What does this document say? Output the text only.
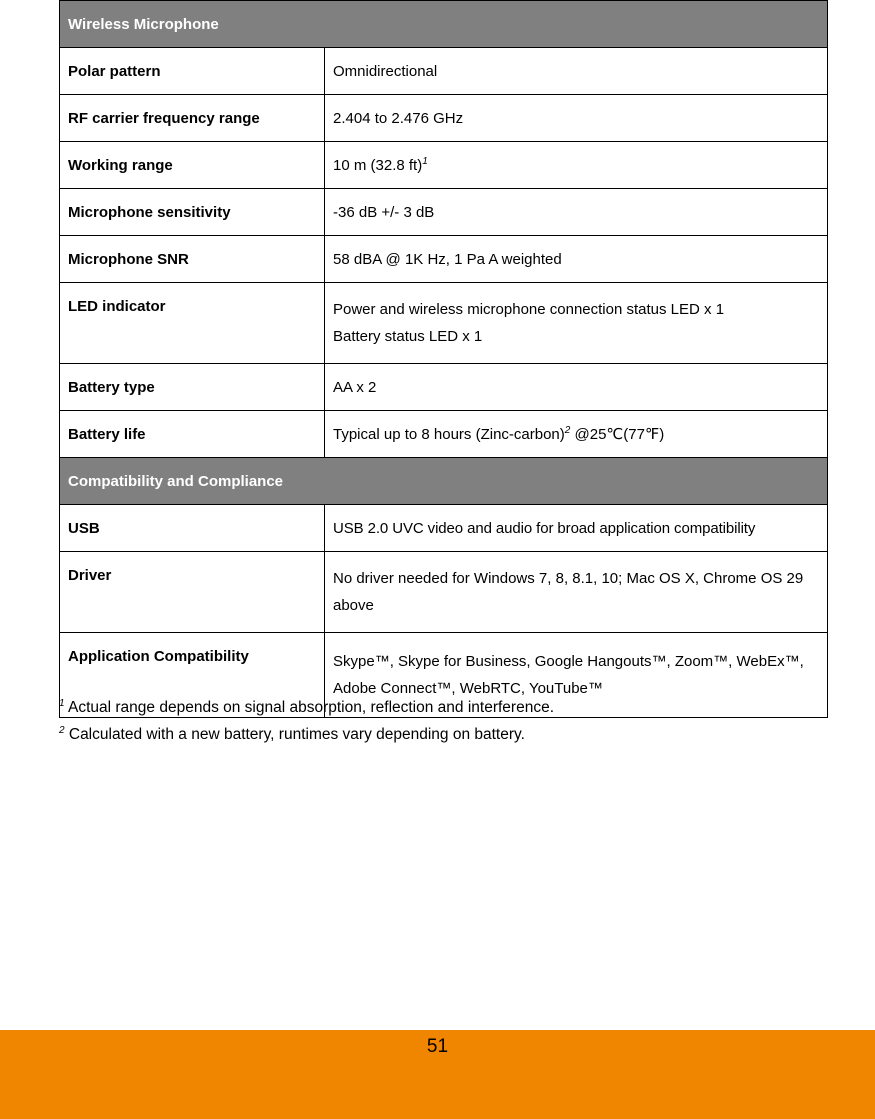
Wireless Microphone	
Polar pattern	Omnidirectional
RF carrier frequency range	2.404 to 2.476 GHz
Working range	10 m (32.8 ft)$^1$
Microphone sensitivity	-36 dB +/- 3 dB
Microphone SNR	58 dBA @ 1K Hz, 1 Pa A weighted
LED indicator	Power and wireless microphone connection status LED x 1
Battery status LED x 1

Battery type	AA x 2
Battery life	Typical up to 8 hours (Zinc-carbon)$^2$ @25℃(77℉)
Compatibility and Compliance	
USB	USB 2.0 UVC video and audio for broad application compatibility
Driver	No driver needed for Windows 7, 8, 8.1, 10; Mac OS X, Chrome OS 29 above
Application Compatibility	Skype™, Skype for Business, Google Hangouts™, Zoom™, WebEx™, Adobe Connect™, WebRTC, YouTube™
$^1$ Actual range depends on signal absorption, reflection and interference.
$^2$ Calculated with a new battery, runtimes vary depending on battery.
51
